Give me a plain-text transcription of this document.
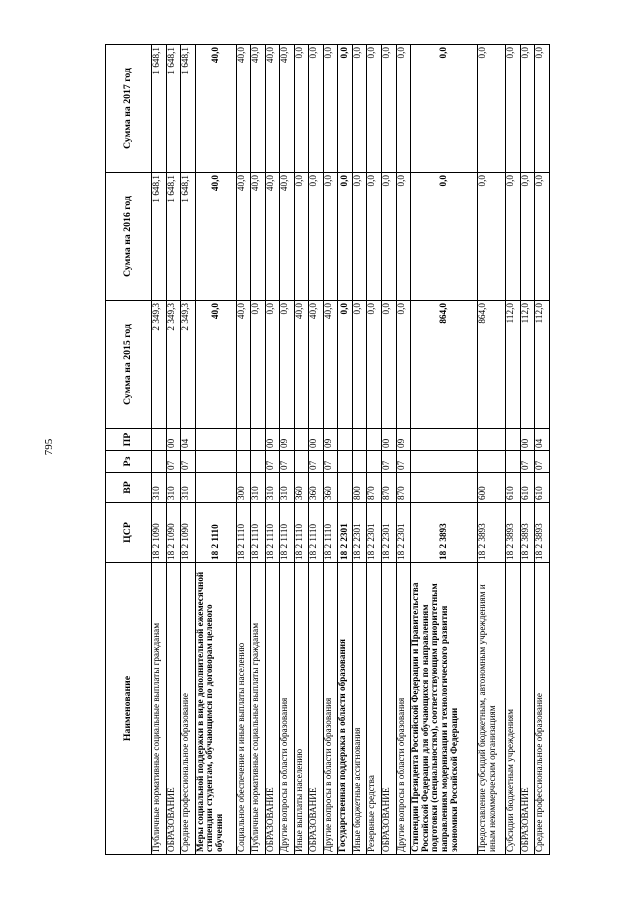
795
Наименование	ЦСР	ВР	Рз	ПР	Сумма на 2015 год	Сумма на 2016 год	Сумма на 2017 год
Публичные нормативные социальные выплаты гражданам	18 2 1090	310			2 349,3	1 648,1	1 648,1
ОБРАЗОВАНИЕ	18 2 1090	310	07	00	2 349,3	1 648,1	1 648,1
Среднее профессиональное образование	18 2 1090	310	07	04	2 349,3	1 648,1	1 648,1
Меры социальной поддержки в виде дополнительной ежемесячной стипендии студентам, обучающимся по договорам целевого обучения	18 2 1110				40,0	40,0	40,0
Социальное обеспечение и иные выплаты населению	18 2 1110	300			40,0	40,0	40,0
Публичные нормативные социальные выплаты гражданам	18 2 1110	310			0,0	40,0	40,0
ОБРАЗОВАНИЕ	18 2 1110	310	07	00	0,0	40,0	40,0
Другие вопросы в области образования	18 2 1110	310	07	09	0,0	40,0	40,0
Иные выплаты населению	18 2 1110	360			40,0	0,0	0,0
ОБРАЗОВАНИЕ	18 2 1110	360	07	00	40,0	0,0	0,0
Другие вопросы в области образования	18 2 1110	360	07	09	40,0	0,0	0,0
Государственная поддержка в области образования	18 2 2301				0,0	0,0	0,0
Иные бюджетные ассигнования	18 2 2301	800			0,0	0,0	0,0
Резервные средства	18 2 2301	870			0,0	0,0	0,0
ОБРАЗОВАНИЕ	18 2 2301	870	07	00	0,0	0,0	0,0
Другие вопросы в области образования	18 2 2301	870	07	09	0,0	0,0	0,0
Стипендии Президента Российской Федерации и Правительства Российской Федерации для обучающихся по направлениям подготовки (специальностям), соответствующим приоритетным направлениям модернизации и технологического развития экономики Российской Федерации	18 2 3893				864,0	0,0	0,0
Предоставление субсидий бюджетным, автономным учреждениям и иным некоммерческим организациям	18 2 3893	600			864,0	0,0	0,0
Субсидии бюджетным учреждениям	18 2 3893	610			112,0	0,0	0,0
ОБРАЗОВАНИЕ	18 2 3893	610	07	00	112,0	0,0	0,0
Среднее профессиональное образование	18 2 3893	610	07	04	112,0	0,0	0,0
